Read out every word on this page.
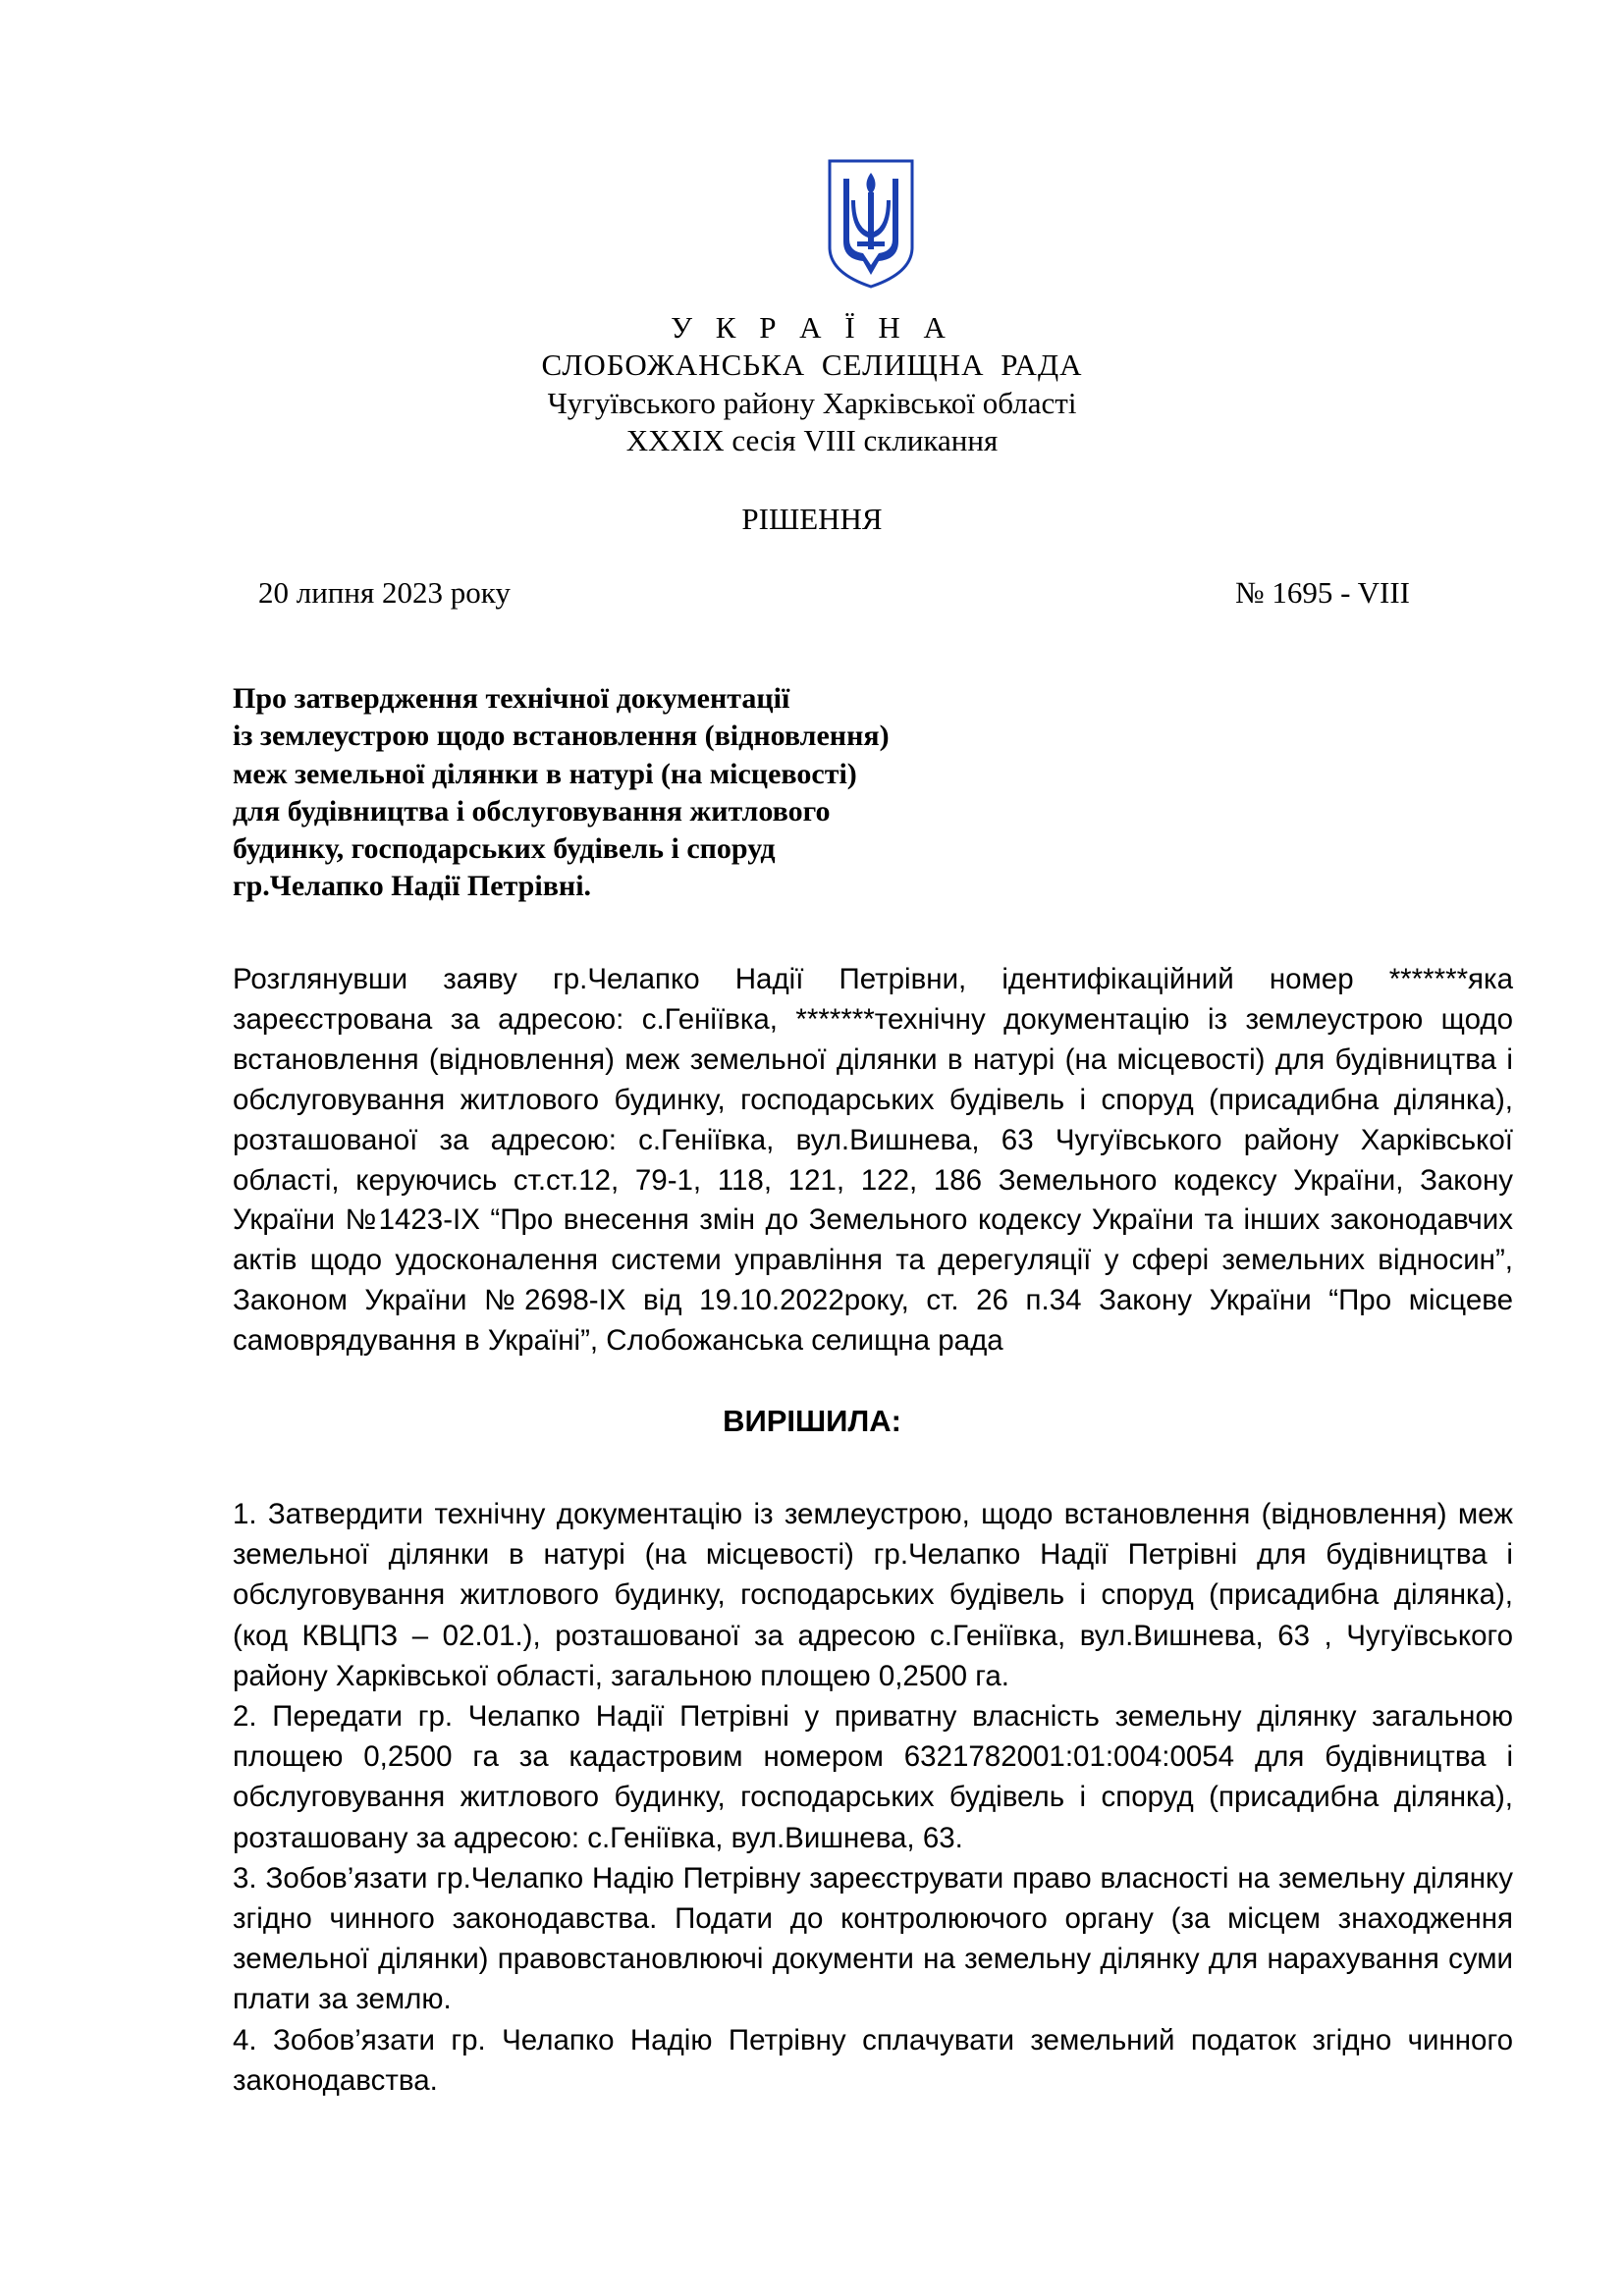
У К Р А Ї Н А
СЛОБОЖАНСЬКА СЕЛИЩНА РАДА
Чугуївського району Харківської області
XXXIX сесія VIII скликання
РІШЕННЯ
20 липня 2023 року	№ 1695 - VIII
Про затвердження технічної документації
із землеустрою щодо встановлення (відновлення)
меж земельної ділянки в натурі (на місцевості)
для будівництва і обслуговування житлового
будинку, господарських будівель і споруд
гр.Челапко Надії Петрівні.
Розглянувши заяву гр.Челапко Надії Петрівни, ідентифікаційний номер *******яка зареєстрована за адресою: с.Геніївка, *******технічну документацію із землеустрою щодо встановлення (відновлення) меж земельної ділянки в натурі (на місцевості) для будівництва і обслуговування житлового будинку, господарських будівель і споруд (присадибна ділянка), розташованої за адресою: с.Геніївка, вул.Вишнева, 63 Чугуївського району Харківської області, керуючись ст.ст.12, 79-1, 118, 121, 122, 186 Земельного кодексу України, Закону України №1423-IX “Про внесення змін до Земельного кодексу України та інших законодавчих актів щодо удосконалення системи управління та дерегуляції у сфері земельних відносин”, Законом України №2698-IX від 19.10.2022року, ст. 26 п.34 Закону України “Про місцеве самоврядування в Україні”, Слобожанська селищна рада
ВИРІШИЛА:

1. Затвердити технічну документацію із землеустрою, щодо встановлення (відновлення) меж земельної ділянки в натурі (на місцевості) гр.Челапко Надії Петрівні для будівництва і обслуговування житлового будинку, господарських будівель і споруд (присадибна ділянка), (код КВЦПЗ – 02.01.), розташованої за адресою с.Геніївка, вул.Вишнева, 63 , Чугуївського району Харківської області, загальною площею 0,2500 га.

2. Передати гр. Челапко Надії Петрівні у приватну власність земельну ділянку загальною площею 0,2500 га за кадастровим номером 6321782001:01:004:0054 для будівництва і обслуговування житлового будинку, господарських будівель і споруд (присадибна ділянка), розташовану за адресою: с.Геніївка, вул.Вишнева, 63.

3. Зобов’язати гр.Челапко Надію Петрівну зареєструвати право власності на земельну ділянку згідно чинного законодавства. Подати до контролюючого органу (за місцем знаходження земельної ділянки) правовстановлюючі документи на земельну ділянку для нарахування суми плати за землю.

4. Зобов’язати гр. Челапко Надію Петрівну сплачувати земельний податок згідно чинного законодавства.
